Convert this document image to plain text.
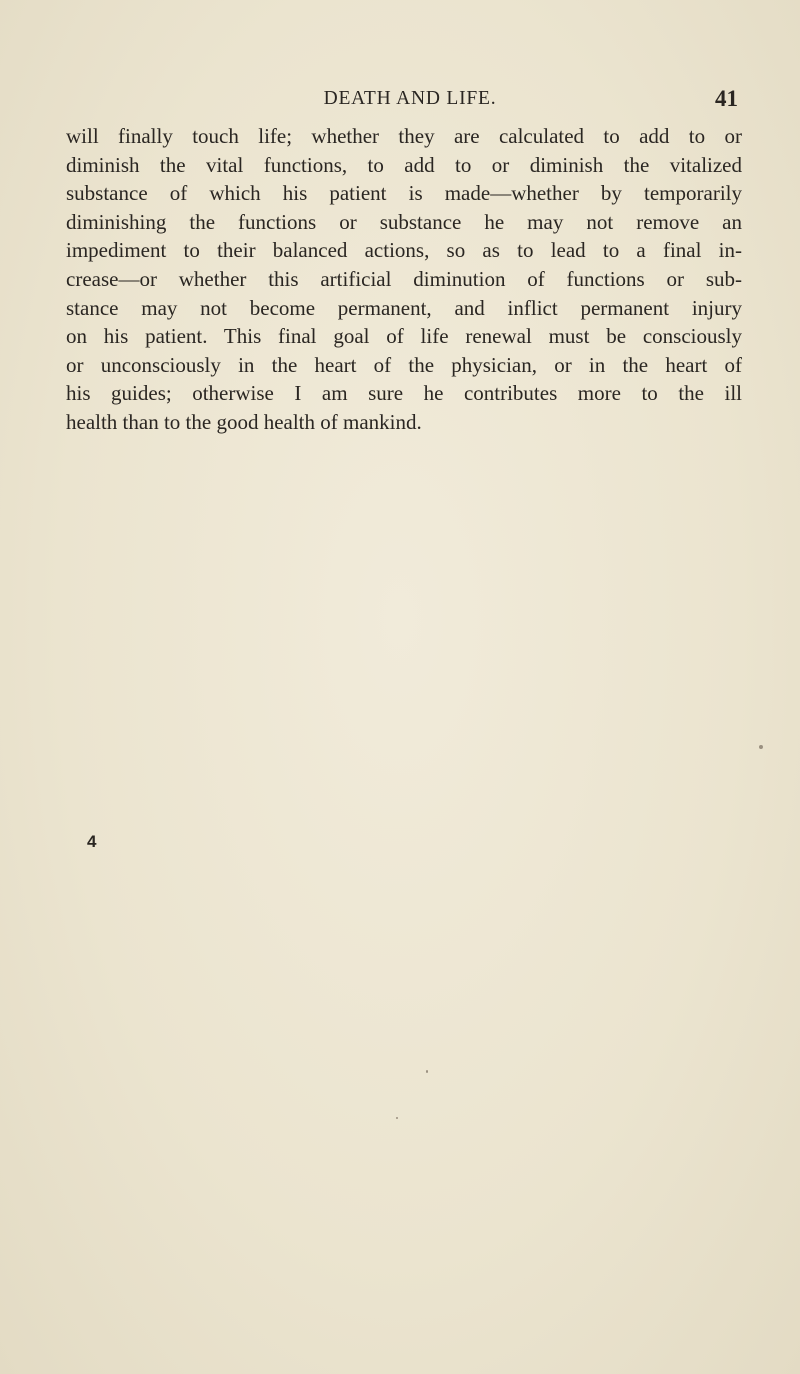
DEATH AND LIFE.	41

will finally touch life; whether they are calculated to add to or
diminish the vital functions, to add to or diminish the vitalized
substance of which his patient is made—whether by temporarily
diminishing the functions or substance he may not remove an
impediment to their balanced actions, so as to lead to a final in-
crease—or whether this artificial diminution of functions or sub-
stance may not become permanent, and inflict permanent injury
on his patient. This final goal of life renewal must be consciously
or unconsciously in the heart of the physician, or in the heart of
his guides; otherwise I am sure he contributes more to the ill
health than to the good health of mankind.

4
